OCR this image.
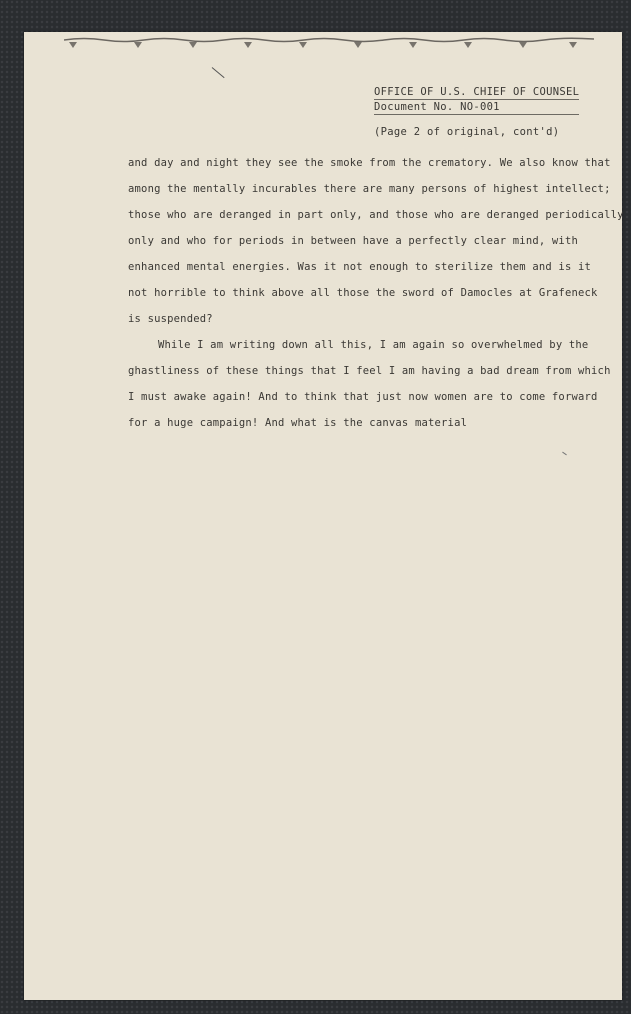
OFFICE OF U.S. CHIEF OF COUNSEL
Document No. NO-001
(Page 2 of original, cont'd)
and day and night they see the smoke from the crematory. We also know that
among the mentally incurables there are many persons of highest intellect;
those who are deranged in part only, and those who are deranged periodically
only and who for periods in between have a perfectly clear mind, with
enhanced mental energies. Was it not enough to sterilize them and is it
not horrible to think above all those the sword of Damocles at Grafeneck
is suspended?
While I am writing down all this, I am again so overwhelmed by the
ghastliness of these things that I feel I am having a bad dream from which
I must awake again! And to think that just now women are to come forward
for a huge campaign! And what is the canvas material
